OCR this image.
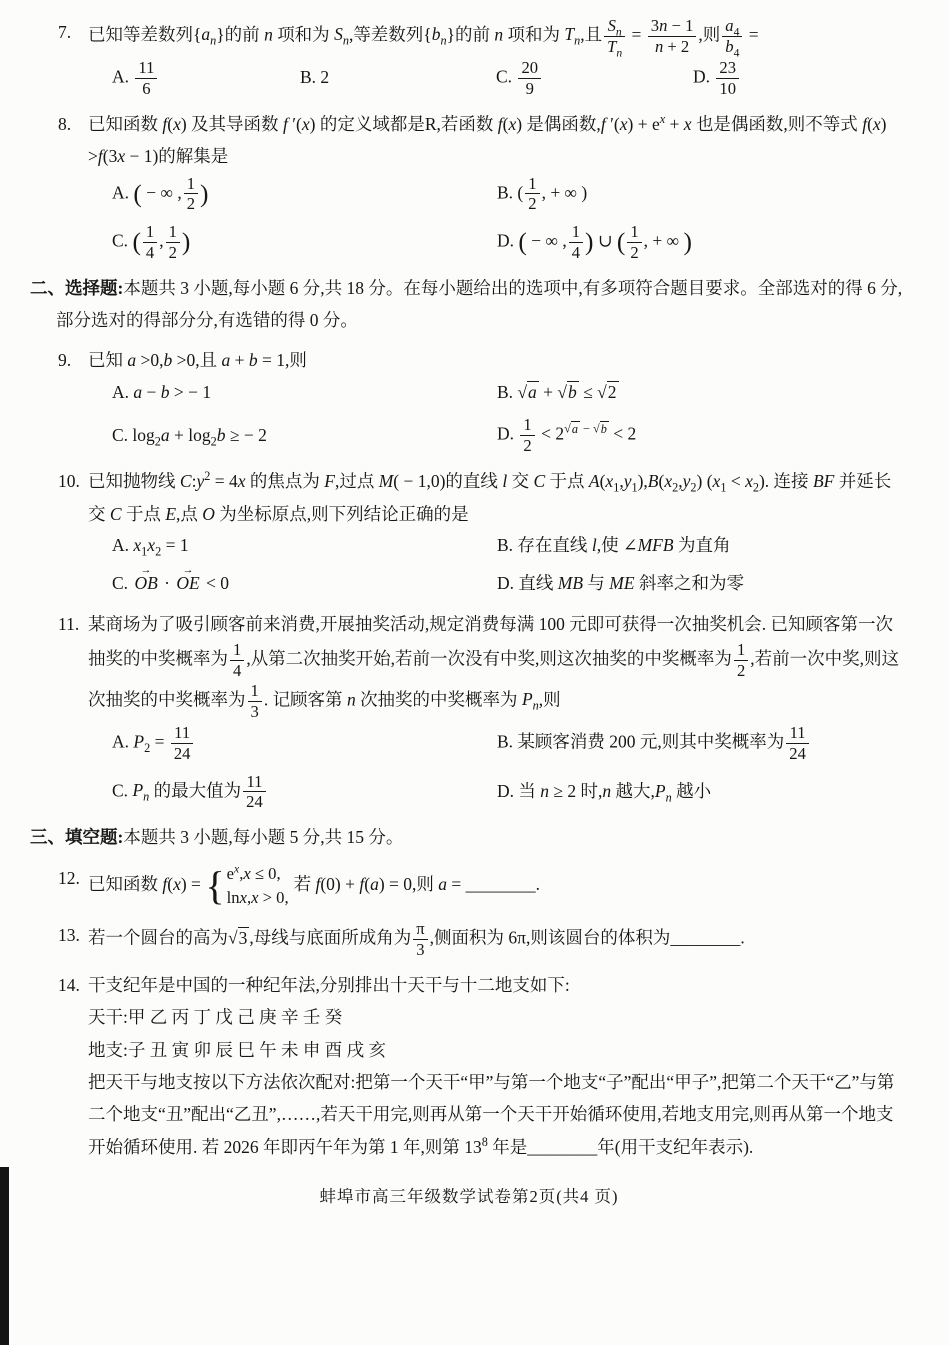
7. 已知等差数列$\{a_n\}$的前 n 项和为 $S_n$,等差数列$\{b_n\}$的前 n 项和为 $T_n$,且 $\frac{S_n}{T_n} = \frac{3n - 1}{n + 2}$ ,则 $\frac{a_4}{b_4}$ =
A. $\frac{11}{6}$	B. 2	C. $\frac{20}{9}$	D. $\frac{23}{10}$
8. 已知函数 f(x) 及其导函数 f ′(x) 的定义域都是R,若函数 f(x) 是偶函数,f $'(x) + e^x + x$ 也是偶函数,则不等式 f(x) >f(3x − 1)的解集是
A. ( − ∞ , $\frac{1}{2}$ )	B. ( $\frac{1}{2}$ , + ∞ )
C. ( $\frac{1}{4}$ , $\frac{1}{2}$ )	D. ( − ∞ , $\frac{1}{4}$ ) ∪ ( $\frac{1}{2}$ , + ∞ )
二、选择题:本题共 3 小题,每小题 6 分,共 18 分。在每小题给出的选项中,有多项符合题目要求。全部选对的得 6 分,部分选对的得部分分,有选错的得 0 分。
9. 已知 a >0,b >0,且 a + b = 1,则
A. a − b > − 1	B. √a + √b ≤ √2
C. $\log_2a + \log_2b$ ≥ − 2	D. $\frac{1}{2} < 2^{√a - √b} < 2$
10. 已知抛物线 $C:y^2 = 4x$ 的焦点为 F,过点 M( − 1,0)的直线 l 交 C 于点 $A(x_1,y_1),B(x_2,y_2) (x_1 < x_2)$. 连接 BF 并延长交 C 于点 E,点 O 为坐标原点,则下列结论正确的是
A. $x_1x_2 = 1$	B. 存在直线 l,使 ∠MFB 为直角
C. OB → · OE → < 0	D. 直线 MB 与 ME 斜率之和为零
11. 某商场为了吸引顾客前来消费,开展抽奖活动,规定消费每满 100 元即可获得一次抽奖机会. 已知顾客第一次抽奖的中奖概率为 $\frac{1}{4}$ ,从第二次抽奖开始,若前一次没有中奖,则这次抽奖的中奖概率为 $\frac{1}{2}$ ,若前一次中奖,则这次抽奖的中奖概率为 $\frac{1}{3}$ . 记顾客第 n 次抽奖的中奖概率为 $P_n$,则
A. $P_2 = \frac{11}{24}$	B. 某顾客消费 200 元,则其中奖概率为 $\frac{11}{24}$
C. $P_n$ 的最大值为 $\frac{11}{24}$	D. 当 n ≥ 2 时,n 越大$,P_n$ 越小
三、填空题:本题共 3 小题,每小题 5 分,共 15 分。
12. 已知函数 f(x) = { $e^x,x \le 0$,
lnx,x > 0,
若 f(0) + f(a) = 0,则 a = ________.
13. 若一个圆台的高为√3 ,母线与底面所成角为 $\frac{\pi}{3}$ ,侧面积为 6π,则该圆台的体积为________.
14. 干支纪年是中国的一种纪年法,分别排出十天干与十二地支如下:
天干:甲 乙 丙 丁 戊 己 庚 辛 壬 癸
地支:子 丑 寅 卯 辰 巳 午 未 申 酉 戌 亥
把天干与地支按以下方法依次配对:把第一个天干“甲”与第一个地支“子”配出“甲子”,把第二个天干“乙”与第二个地支“丑”配出“乙丑”,……,若天干用完,则再从第一个天干开始循环使用,若地支用完,则再从第一个地支开始循环使用. 若 2026 年即丙午年为第 1 年,则第 $13^8$ 年是________年(用干支纪年表示).
蚌埠市高三年级数学试卷第2页(共4 页)
